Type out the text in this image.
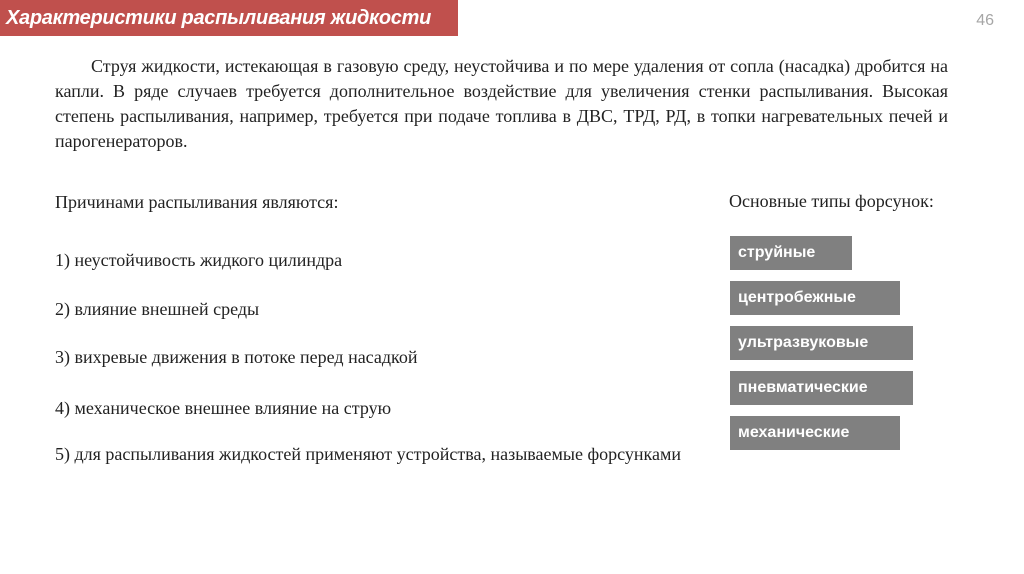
Характеристики распыливания жидкости	46

Струя жидкости, истекающая в газовую среду, неустойчива и по мере удаления от сопла (насадка) дробится на капли. В ряде случаев требуется дополнительное воздействие для увеличения стенки распыливания. Высокая степень распыливания, например, требуется при подаче топлива в ДВС, ТРД, РД, в топки нагревательных печей и парогенераторов.

Причинами распыливания являются:
1) неустойчивость жидкого цилиндра
2) влияние внешней среды
3) вихревые движения в потоке перед насадкой
4) механическое внешнее влияние на струю
5) для распыливания жидкостей применяют устройства, называемые форсунками
Основные типы форсунок:
струйные
центробежные
ультразвуковые
пневматические
механические
